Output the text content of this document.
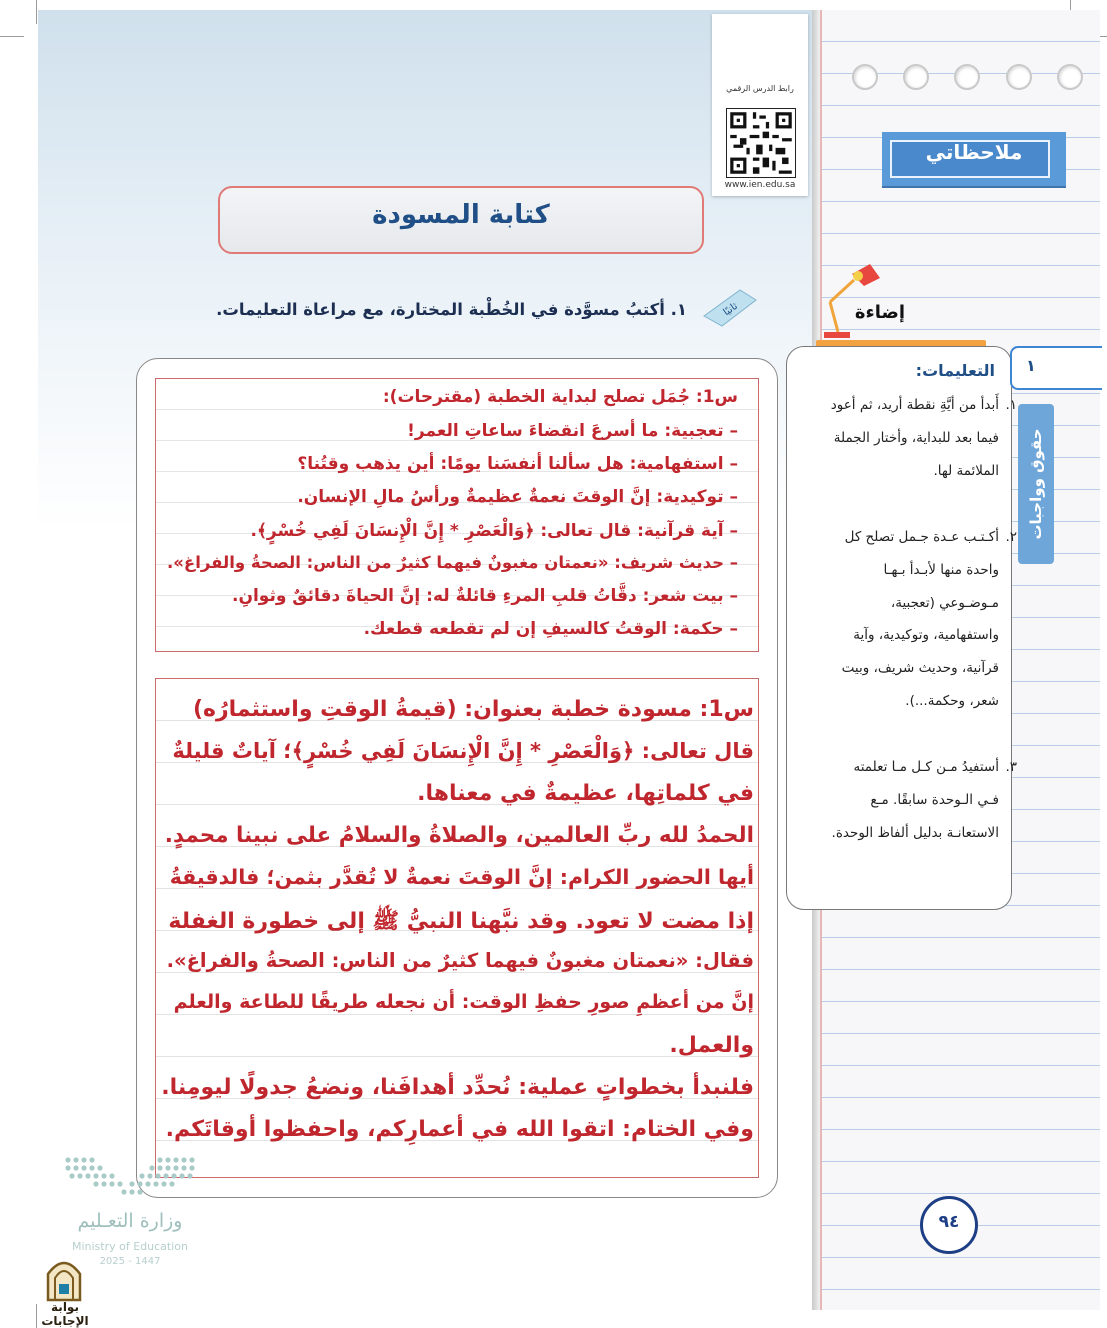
ملاحظاتي
رابط الدرس الرقمي
www.ien.edu.sa
كتابة المسودة
ثانيًا
١. أكتبُ مسوَّدة في الخُطْبة المختارة، مع مراعاة التعليمات.	إضاءة
التعليمات:
١.
أَبدأ من أيَّةِ نقطة أريد، ثم أعود فيما بعد للبداية، وأختار الجملة الملائمة لها.
٢.
أكـتـب عـدة جـمل تصلح كل واحدة منها لأبـدأ بـهـا مـوضـوعي (تعجبية، واستفهامية، وتوكيدية، وآية قرآنية، وحديث شريف، وبيت شعر، وحكمة...).
٣.
أستفيدُ مـن كـل مـا تعلمته فـي الـوحدة سابقًا. مـع الاستعانـة بدليل ألفاظ الوحدة.
١
حقوق وواجبات
س1: جُمَل تصلح لبداية الخطبة (مقترحات):
– تعجبية: ما أسرعَ انقضاءَ ساعاتِ العمر!
– استفهامية: هل سألنا أنفسَنا يومًا: أين يذهب وقتُنا؟
– توكيدية: إنَّ الوقتَ نعمةٌ عظيمةٌ ورأسُ مالِ الإنسان.
– آية قرآنية: قال تعالى: ﴿وَالْعَصْرِ * إِنَّ الْإِنسَانَ لَفِي خُسْرٍ﴾.
– حديث شريف: «نعمتان مغبونٌ فيهما كثيرٌ من الناس: الصحةُ والفراغ».
– بيت شعر: دقَّاتُ قلبِ المرءِ قائلةٌ له: إنَّ الحياةَ دقائقٌ وثوانِ.
– حكمة: الوقتُ كالسيفِ إن لم تقطعه قطعك.
س1: مسودة خطبة بعنوان: (قيمةُ الوقتِ واستثمارُه)
قال تعالى: ﴿وَالْعَصْرِ * إِنَّ الْإِنسَانَ لَفِي خُسْرٍ﴾؛ آياتٌ قليلةٌ
في كلماتِها، عظيمةٌ في معناها.
الحمدُ لله ربِّ العالمين، والصلاةُ والسلامُ على نبينا محمدٍ.
أيها الحضور الكرام: إنَّ الوقتَ نعمةٌ لا تُقدَّر بثمن؛ فالدقيقةُ
إذا مضت لا تعود. وقد نبَّهنا النبيُّ ﷺ إلى خطورة الغفلة
فقال: «نعمتان مغبونٌ فيهما كثيرٌ من الناس: الصحةُ والفراغ».
إنَّ من أعظمِ صورِ حفظِ الوقت: أن نجعله طريقًا للطاعة والعلم
والعمل.
فلنبدأ بخطواتٍ عملية: نُحدِّد أهدافَنا، ونضعُ جدولًا ليومِنا.
وفي الختام: اتقوا الله في أعمارِكم، واحفظوا أوقاتَكم.
٩٤
وزارة التعـليم
Ministry of Education
2025 - 1447
بوابة الإجابات
